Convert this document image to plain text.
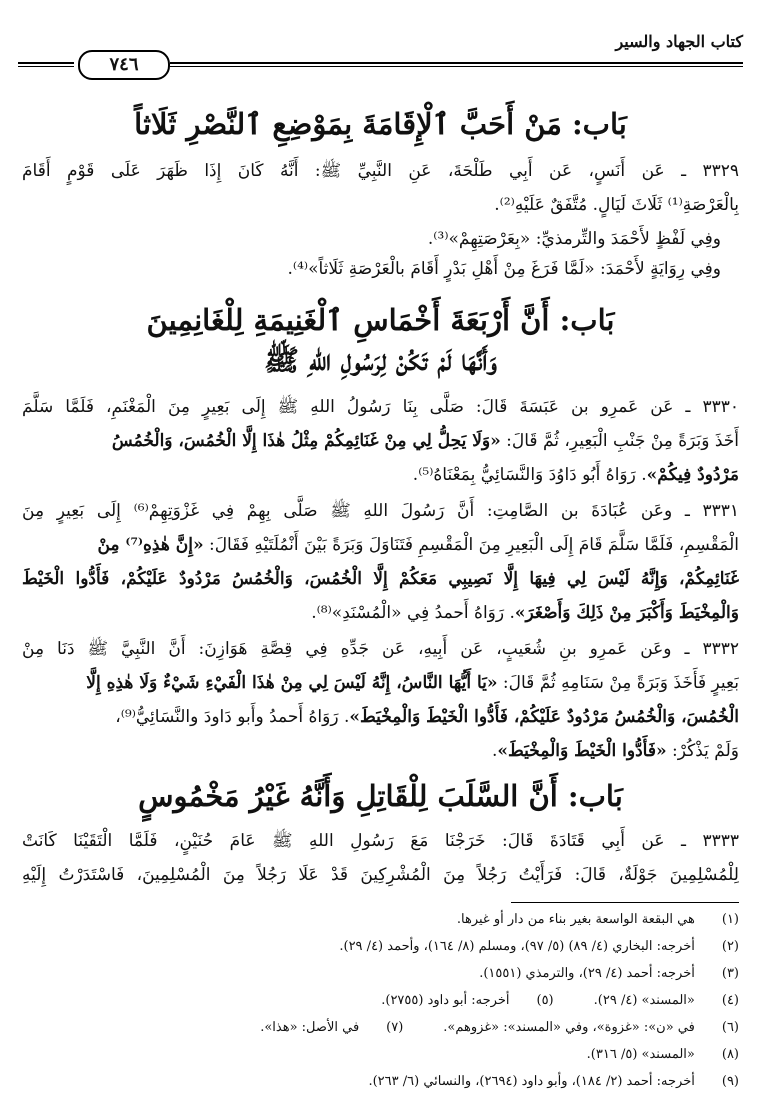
كتاب الجهاد والسير
٧٤٦
بَاب: مَنْ أَحَبَّ ٱلْإِقَامَةَ بِمَوْضِعِ ٱلنَّصْرِ ثَلَاثاً
٣٣٢٩ ـ عَن أَنَسٍ، عَن أَبِي طَلْحَةَ، عَنِ النَّبِيِّ ﷺ: أَنَّهُ كَانَ إِذَا ظَهَرَ عَلَى قَوْمٍ أَقَامَ
بِالْعَرْصَةِ⁽¹⁾ ثَلَاثَ لَيَالٍ. مُتَّفَقٌ عَلَيْهِ⁽²⁾.
وفِي لَفْظٍ لأَحْمَدَ والتِّرمذيِّ: «بِعَرْصَتِهِمْ»⁽³⁾.
وفِي رِوَايَةٍ لأَحْمَدَ: «لَمَّا فَرَغَ مِنْ أَهْلِ بَدْرٍ أَقَامَ بالْعَرْصَةِ ثَلَاثاً»⁽⁴⁾.
بَاب: أَنَّ أَرْبَعَةَ أَخْمَاسِ ٱلْغَنِيمَةِ لِلْغَانِمِينَ
وَأَنَّهَا لَمْ تَكُنْ لِرَسُولِ اللهِ ﷺ
٣٣٣٠ ـ عَن عَمرِو بن عَبَسَةَ قَالَ: صَلَّى بِنَا رَسُولُ اللهِ ﷺ إِلَى بَعِيرٍ مِنَ الْمَغْنَمِ، فَلَمَّا سَلَّمَ
أَخَذَ وَبَرَةً مِنْ جَنْبِ الْبَعِيرِ، ثُمَّ قَالَ: «وَلَا يَحِلُّ لِي مِنْ غَنَائِمِكُمْ مِثْلُ هٰذَا إِلَّا الْخُمُسَ، وَالْخُمُسُ
مَرْدُودٌ فِيكُمْ». رَوَاهُ أَبُو دَاوُدَ وَالنَّسَائِيُّ بِمَعْنَاهُ⁽⁵⁾.
٣٣٣١ ـ وعَن عُبَادَةَ بن الصَّامِتِ: أَنَّ رَسُولَ اللهِ ﷺ صَلَّى بِهِمْ فِي غَزْوَتِهِمْ⁽⁶⁾ إِلَى بَعِيرٍ مِنَ
الْمَقْسِمِ، فَلَمَّا سَلَّمَ قَامَ إِلَى الْبَعِيرِ مِنَ الْمَقْسِمِ فَتَنَاوَلَ وَبَرَةً بَيْنَ أَنْمُلَتَيْهِ فَقَالَ: «إِنَّ هٰذِهِ⁽⁷⁾ مِنْ
غَنَائِمِكُمْ، وَإِنَّهُ لَيْسَ لِي فِيهَا إِلَّا نَصِيبِي مَعَكُمْ إِلَّا الْخُمُسَ، وَالْخُمُسُ مَرْدُودٌ عَلَيْكُمْ، فَأَدُّوا الْخَيْطَ
وَالْمِخْيَطَ وَأَكْبَرَ مِنْ ذَلِكَ وَأَصْغَرَ». رَوَاهُ أَحمدُ فِي «الْمُسْنَدِ»⁽⁸⁾.
٣٣٣٢ ـ وعَن عَمرِو بنِ شُعَيبٍ، عَن أَبِيهِ، عَن جَدِّهِ فِي قِصَّةِ هَوَازِنَ: أَنَّ النَّبِيَّ ﷺ دَنَا مِنْ
بَعِيرٍ فَأَخَذَ وَبَرَةً مِنْ سَنَامِهِ ثُمَّ قَالَ: «يَا أَيُّهَا النَّاسُ، إِنَّهُ لَيْسَ لِي مِنْ هٰذَا الْفَيْءِ شَيْءٌ وَلَا هٰذِهِ إِلَّا
الْخُمُسَ، وَالْخُمُسُ مَرْدُودٌ عَلَيْكُمْ، فَأَدُّوا الْخَيْطَ وَالْمِخْيَطَ». رَوَاهُ أَحمدُ وأَبو دَاودَ والنَّسَائِيُّ⁽⁹⁾،
وَلَمْ يَذْكُرْ: «فَأَدُّوا الْخَيْطَ وَالْمِخْيَطَ».
بَاب: أَنَّ السَّلَبَ لِلْقَاتِلِ وَأَنَّهُ غَيْرُ مَخْمُوسٍ
٣٣٣٣ ـ عَن أَبِي قَتَادَةَ قَالَ: خَرَجْنَا مَعَ رَسُولِ اللهِ ﷺ عَامَ حُنَيْنٍ، فَلَمَّا الْتَقَيْنَا كَانَتْ
لِلْمُسْلِمِينَ جَوْلَةٌ، قَالَ: فَرَأَيْتُ رَجُلاً مِنَ الْمُشْرِكِينَ قَدْ عَلَا رَجُلاً مِنَ الْمُسْلِمِينَ، فَاسْتَدَرْتُ إِلَيْهِ
(١) هي البقعة الواسعة بغير بناء من دار أو غيرها.
(٢) أخرجه: البخاري (٤/ ٨٩) (٥/ ٩٧)، ومسلم (٨/ ١٦٤)، وأحمد (٤/ ٢٩).
(٣) أخرجه: أحمد (٤/ ٢٩)، والترمذي (١٥٥١).
(٤) «المسند» (٤/ ٢٩).(٥) أخرجه: أبو داود (٢٧٥٥).
(٦) في «ن»: «غزوة»، وفي «المسند»: «غزوهم».(٧) في الأصل: «هذا».
(٨) «المسند» (٥/ ٣١٦).
(٩) أخرجه: أحمد (٢/ ١٨٤)، وأبو داود (٢٦٩٤)، والنسائي (٦/ ٢٦٣).
